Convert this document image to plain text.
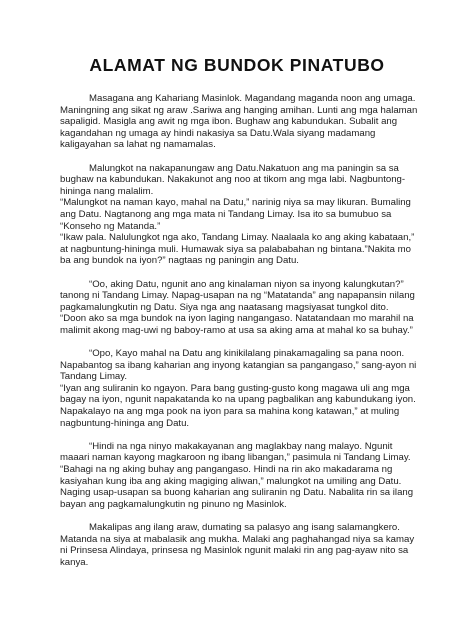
ALAMAT NG BUNDOK PINATUBO

Masagana ang Kahariang Masinlok. Magandang maganda noon ang umaga.
Maningning ang sikat ng araw .Sariwa ang hanging amihan. Lunti ang mga halaman
sapaligid. Masigla ang awit ng mga ibon. Bughaw ang kabundukan. Subalit ang
kagandahan ng umaga ay hindi nakasiya sa Datu.Wala siyang madamang
kaligayahan sa lahat ng namamalas.

Malungkot na nakapanungaw ang Datu.Nakatuon ang ma paningin sa sa
bughaw na kabundukan. Nakakunot ang noo at tikom ang mga labi. Nagbuntong-
hininga nang malalim.
“Malungkot na naman kayo, mahal na Datu,” narinig niya sa may likuran. Bumaling
ang Datu. Nagtanong ang mga mata ni Tandang Limay. Isa ito sa bumubuo sa
“Konseho ng Matanda.”
“Ikaw pala. Nalulungkot nga ako, Tandang Limay. Naalaala ko ang aking kabataan,”
at nagbuntung-hininga muli. Humawak siya sa palababahan ng bintana.”Nakita mo
ba ang bundok na iyon?” nagtaas ng paningin ang Datu.

“Oo, aking Datu, ngunit ano ang kinalaman niyon sa inyong kalungkutan?”
tanong ni Tandang Limay. Napag-usapan na ng “Matatanda” ang napapansin nilang
pagkamalungkutin ng Datu. Siya nga ang naatasang magsiyasat tungkol dito.
“Doon ako sa mga bundok na iyon laging nangangaso. Natatandaan mo marahil na
malimit akong mag-uwi ng baboy-ramo at usa sa aking ama at mahal ko sa buhay.”

“Opo, Kayo mahal na Datu ang kinikilalang pinakamagaling sa pana noon.
Napabantog sa ibang kaharian ang inyong katangian sa pangangaso,” sang-ayon ni
Tandang Limay.
“Iyan ang suliranin ko ngayon. Para bang gusting-gusto kong magawa uli ang mga
bagay na iyon, ngunit napakatanda ko na upang pagbalikan ang kabundukang iyon.
Napakalayo na ang mga pook na iyon para sa mahina kong katawan,” at muling
nagbuntung-hininga ang Datu.

“Hindi na nga ninyo makakayanan ang maglakbay nang malayo. Ngunit
maaari naman kayong magkaroon ng ibang libangan,” pasimula ni Tandang Limay.
“Bahagi na ng aking buhay ang pangangaso. Hindi na rin ako makadarama ng
kasiyahan kung iba ang aking magiging aliwan,” malungkot na umiling ang Datu.
Naging usap-usapan sa buong kaharian ang suliranin ng Datu. Nabalita rin sa ilang
bayan ang pagkamalungkutin ng pinuno ng Masinlok.

Makalipas ang ilang araw, dumating sa palasyo ang isang salamangkero.
Matanda na siya at mabalasik ang mukha. Malaki ang paghahangad niya sa kamay
ni Prinsesa Alindaya, prinsesa ng Masinlok ngunit malaki rin ang pag-ayaw nito sa
kanya.
